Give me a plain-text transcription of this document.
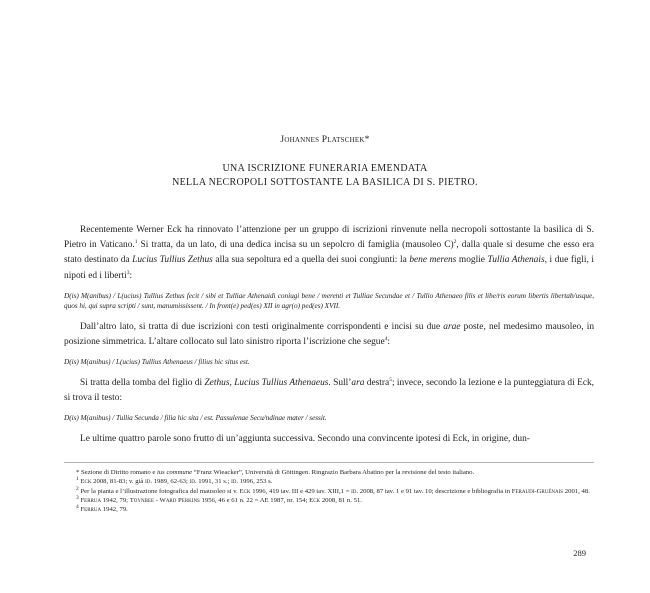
Johannes Platschek*
UNA ISCRIZIONE FUNERARIA EMENDATA
NELLA NECROPOLI SOTTOSTANTE LA BASILICA DI S. PIETRO.

Recentemente Werner Eck ha rinnovato l’attenzione per un gruppo di iscrizioni rinvenute nella necropoli sottostante la basilica di S. Pietro in Vaticano.$^1$ Si tratta, da un lato, di una dedica incisa su un sepolcro di famiglia (mausoleo C)$^2$, dalla quale si desume che esso era stato destinato da Lucius Tullius Zethus alla sua sepoltura ed a quella dei suoi congiunti: la bene merens moglie Tullia Athenais, i due figli, i nipoti ed i liberti$^3$:

D(is) M(anibus) / L(ucius) Tullius Zethus fecit / sibi et Tulliae Athenaidi coniugi bene / merenti et Tulliae Secundae et / Tullio Athenaeo filis et libe/ris eorum libertis libertab/usque, quos hi, qui supra scripti / sunt, manumississent. / In front(e) ped(es) XII in agr(o) ped(es) XVII.

Dall’altro lato, si tratta di due iscrizioni con testi originalmente corrispondenti e incisi su due arae poste, nel medesimo mausoleo, in posizione simmetrica. L’altare collocato sul lato sinistro riporta l’iscrizione che segue$^4$:

D(is) M(anibus) / L(ucius) Tullius Athenaeus / filius hic situs est.

Si tratta della tomba del figlio di Zethus, Lucius Tullius Athenaeus. Sull’ara destra$^5$; invece, secondo la lezione e la punteggiatura di Eck, si trova il testo:

D(is) M(anibus) / Tullia Secunda / filia hic sita / est. Passulenae Secu/ndinae mater / sessit.

Le ultime quattro parole sono frutto di un’aggiunta successiva. Secondo una convincente ipotesi di Eck, in origine, dun-

* Sezione di Diritto romano e ius commune “Franz Wieacker”, Università di Göttingen. Ringrazio Barbara Abatino per la revisione del testo italiano.

$^1$ Eck 2008, 81-83; v. già id. 1989, 62-63; id. 1991, 31 s.; id. 1996, 253 s.

$^2$ Per la pianta e l’illustrazione fotografica del mausoleo si v. Eck 1996, 419 tav. III e 429 tav. XIII,1 = id. 2008, 87 tav. 1 e 91 tav. 10; descrizione e bibliografia in Feraudi-Gruénais 2001, 48.

$^3$ Ferrua 1942, 79; Toynbee - Ward Perkins 1956, 46 e 61 n. 22 = AE 1987, nr. 154; Eck 2008, 81 n. 51.

$^4$ Ferrua 1942, 79.

289
